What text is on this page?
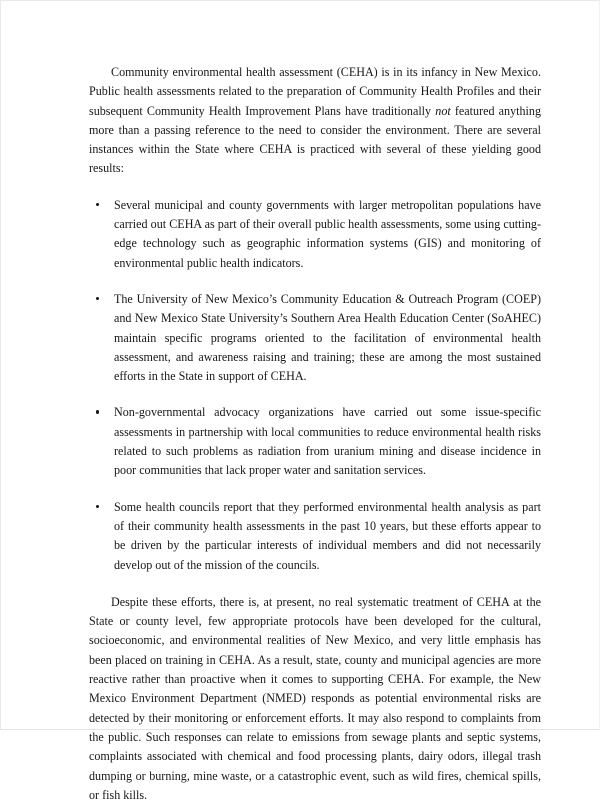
Community environmental health assessment (CEHA) is in its infancy in New Mexico. Public health assessments related to the preparation of Community Health Profiles and their subsequent Community Health Improvement Plans have traditionally not featured anything more than a passing reference to the need to consider the environment. There are several instances within the State where CEHA is practiced with several of these yielding good results:

Several municipal and county governments with larger metropolitan populations have carried out CEHA as part of their overall public health assessments, some using cutting-edge technology such as geographic information systems (GIS) and monitoring of environmental public health indicators.
The University of New Mexico’s Community Education & Outreach Program (COEP) and New Mexico State University’s Southern Area Health Education Center (SoAHEC) maintain specific programs oriented to the facilitation of environmental health assessment, and awareness raising and training; these are among the most sustained efforts in the State in support of CEHA.
Non-governmental advocacy organizations have carried out some issue-specific assessments in partnership with local communities to reduce environmental health risks related to such problems as radiation from uranium mining and disease incidence in poor communities that lack proper water and sanitation services.
Some health councils report that they performed environmental health analysis as part of their community health assessments in the past 10 years, but these efforts appear to be driven by the particular interests of individual members and did not necessarily develop out of the mission of the councils.

Despite these efforts, there is, at present, no real systematic treatment of CEHA at the State or county level, few appropriate protocols have been developed for the cultural, socioeconomic, and environmental realities of New Mexico, and very little emphasis has been placed on training in CEHA. As a result, state, county and municipal agencies are more reactive rather than proactive when it comes to supporting CEHA. For example, the New Mexico Environment Department (NMED) responds as potential environmental risks are detected by their monitoring or enforcement efforts. It may also respond to complaints from the public. Such responses can relate to emissions from sewage plants and septic systems, complaints associated with chemical and food processing plants, dairy odors, illegal trash dumping or burning, mine waste, or a catastrophic event, such as wild fires, chemical spills, or fish kills.
